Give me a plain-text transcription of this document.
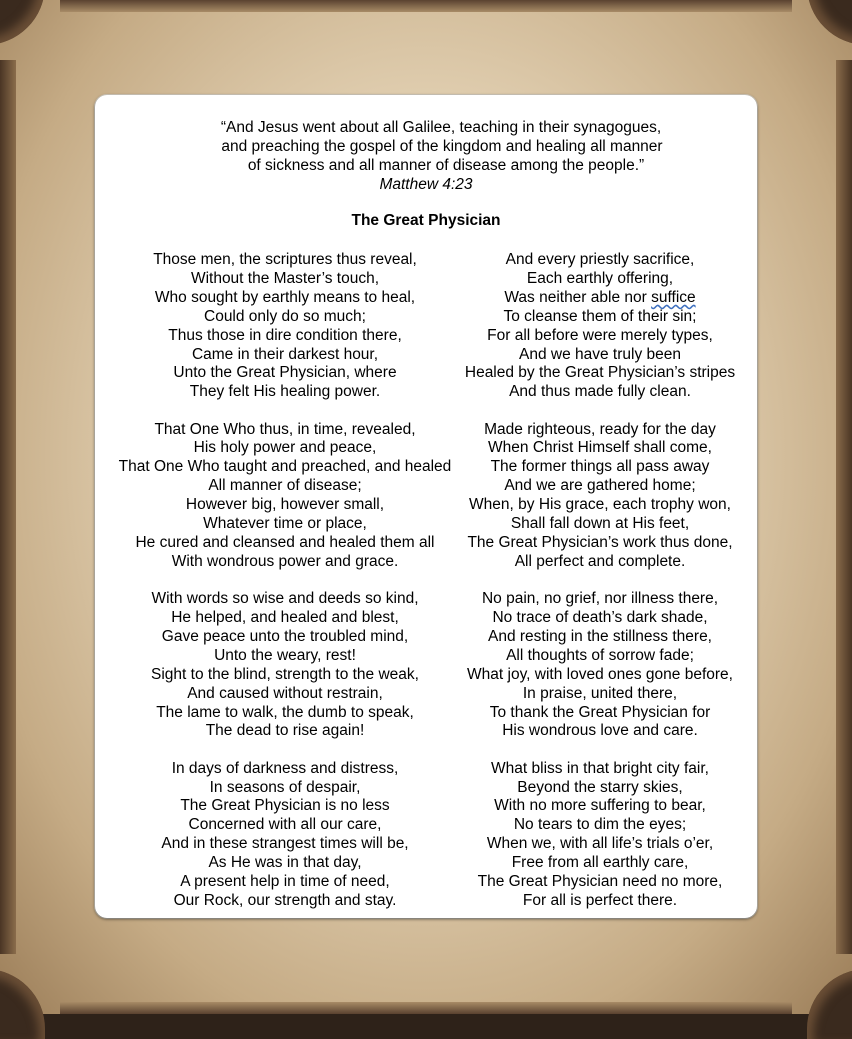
“And Jesus went about all Galilee, teaching in their synagogues,
and preaching the gospel of the kingdom and healing all manner
of sickness and all manner of disease among the people.”
Matthew 4:23
The Great Physician
Those men, the scriptures thus reveal,
Without the Master’s touch,
Who sought by earthly means to heal,
Could only do so much;
Thus those in dire condition there,
Came in their darkest hour,
Unto the Great Physician, where
They felt His healing power.
That One Who thus, in time, revealed,
His holy power and peace,
That One Who taught and preached, and healed
All manner of disease;
However big, however small,
Whatever time or place,
He cured and cleansed and healed them all
With wondrous power and grace.
With words so wise and deeds so kind,
He helped, and healed and blest,
Gave peace unto the troubled mind,
Unto the weary, rest!
Sight to the blind, strength to the weak,
And caused without restrain,
The lame to walk, the dumb to speak,
The dead to rise again!
In days of darkness and distress,
In seasons of despair,
The Great Physician is no less
Concerned with all our care,
And in these strangest times will be,
As He was in that day,
A present help in time of need,
Our Rock, our strength and stay.
And every priestly sacrifice,
Each earthly offering,
Was neither able nor suffice
To cleanse them of their sin;
For all before were merely types,
And we have truly been
Healed by the Great Physician’s stripes
And thus made fully clean.
Made righteous, ready for the day
When Christ Himself shall come,
The former things all pass away
And we are gathered home;
When, by His grace, each trophy won,
Shall fall down at His feet,
The Great Physician’s work thus done,
All perfect and complete.
No pain, no grief, nor illness there,
No trace of death’s dark shade,
And resting in the stillness there,
All thoughts of sorrow fade;
What joy, with loved ones gone before,
In praise, united there,
To thank the Great Physician for
His wondrous love and care.
What bliss in that bright city fair,
Beyond the starry skies,
With no more suffering to bear,
No tears to dim the eyes;
When we, with all life’s trials o’er,
Free from all earthly care,
The Great Physician need no more,
For all is perfect there.
